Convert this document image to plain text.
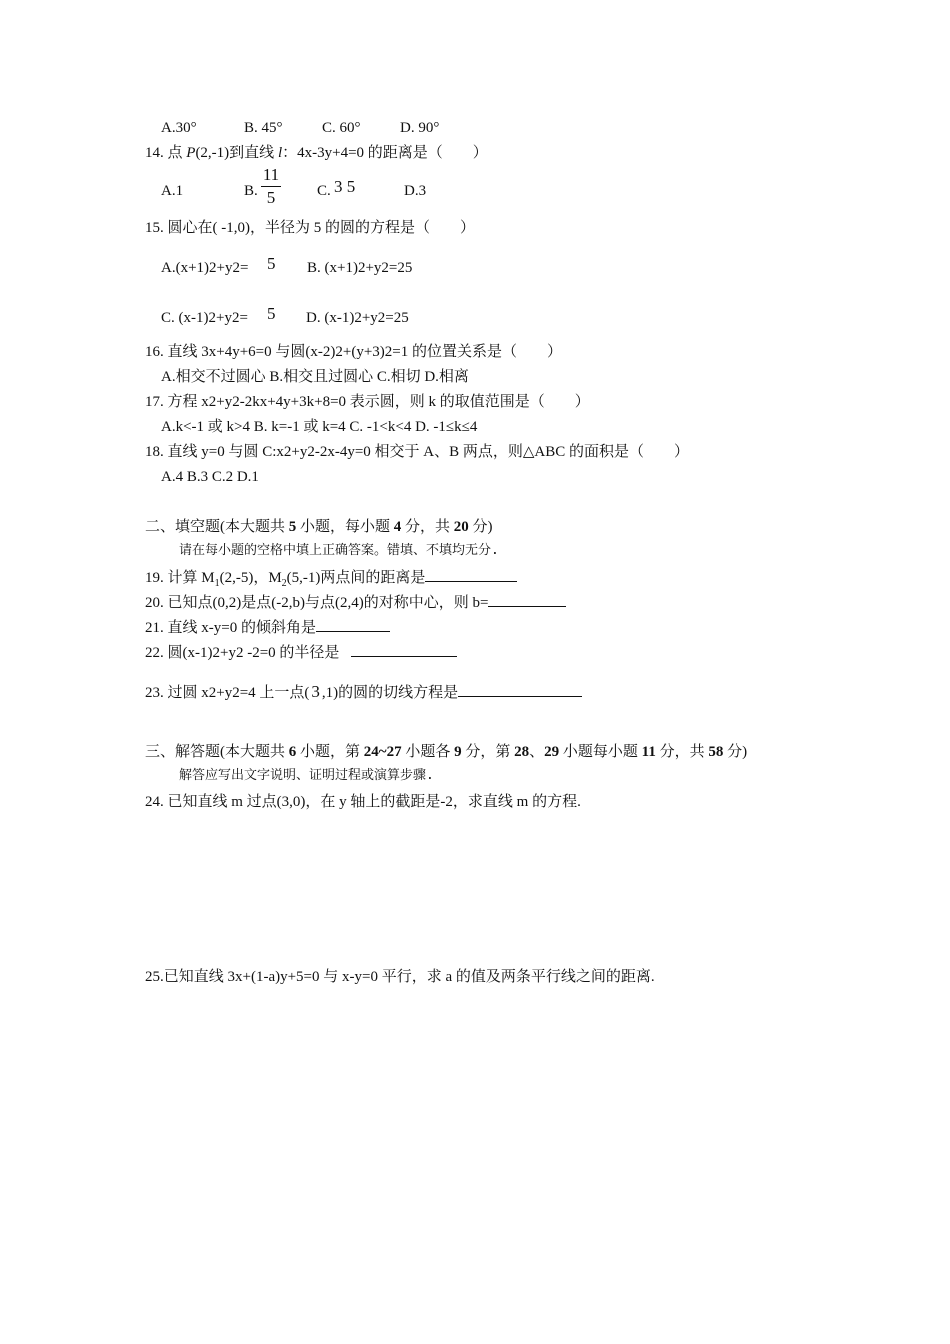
A.30°	B. 45°	C. 60°	D. 90°
14. 点 P(2,-1)到直线 l：4x-3y+4=0 的距离是（　　）
A.1	B.
11
5	C. 3 5	D.3
15. 圆心在( -1,0)，半径为 5 的圆的方程是（　　）
A.(x+1)2+y2= 5 B. (x+1)2+y2=25
C. (x-1)2+y2= 5 D. (x-1)2+y2=25
16. 直线 3x+4y+6=0 与圆(x-2)2+(y+3)2=1 的位置关系是（　　）
A.相交不过圆心 B.相交且过圆心 C.相切 D.相离
17. 方程 x2+y2-2kx+4y+3k+8=0 表示圆，则 k 的取值范围是（　　）
A.k<-1 或 k>4 B. k=-1 或 k=4 C. -1<k<4 D. -1≤k≤4
18. 直线 y=0 与圆 C:x2+y2-2x-4y=0 相交于 A、B 两点，则△ABC 的面积是（　　）
A.4 B.3 C.2 D.1
二、填空题(本大题共 5 小题，每小题 4 分，共 20 分)
请在每小题的空格中填上正确答案。错填、不填均无分.
19. 计算 $M_1(2,-5)$，$M_2(5,-1)$两点间的距离是
20. 已知点(0,2)是点(-2,b)与点(2,4)的对称中心，则 b=
21. 直线 x-y=0 的倾斜角是
22. 圆(x-1)2+y2 -2=0 的半径是
23. 过圆 x2+y2=4 上一点( 3 ,1)的圆的切线方程是
三、解答题(本大题共 6 小题，第 24~27 小题各 9 分，第 28、29 小题每小题 11 分，共 58 分)
解答应写出文字说明、证明过程或演算步骤.
24. 已知直线 m 过点(3,0)，在 y 轴上的截距是-2，求直线 m 的方程.
25.已知直线 3x+(1-a)y+5=0 与 x-y=0 平行，求 a 的值及两条平行线之间的距离.
